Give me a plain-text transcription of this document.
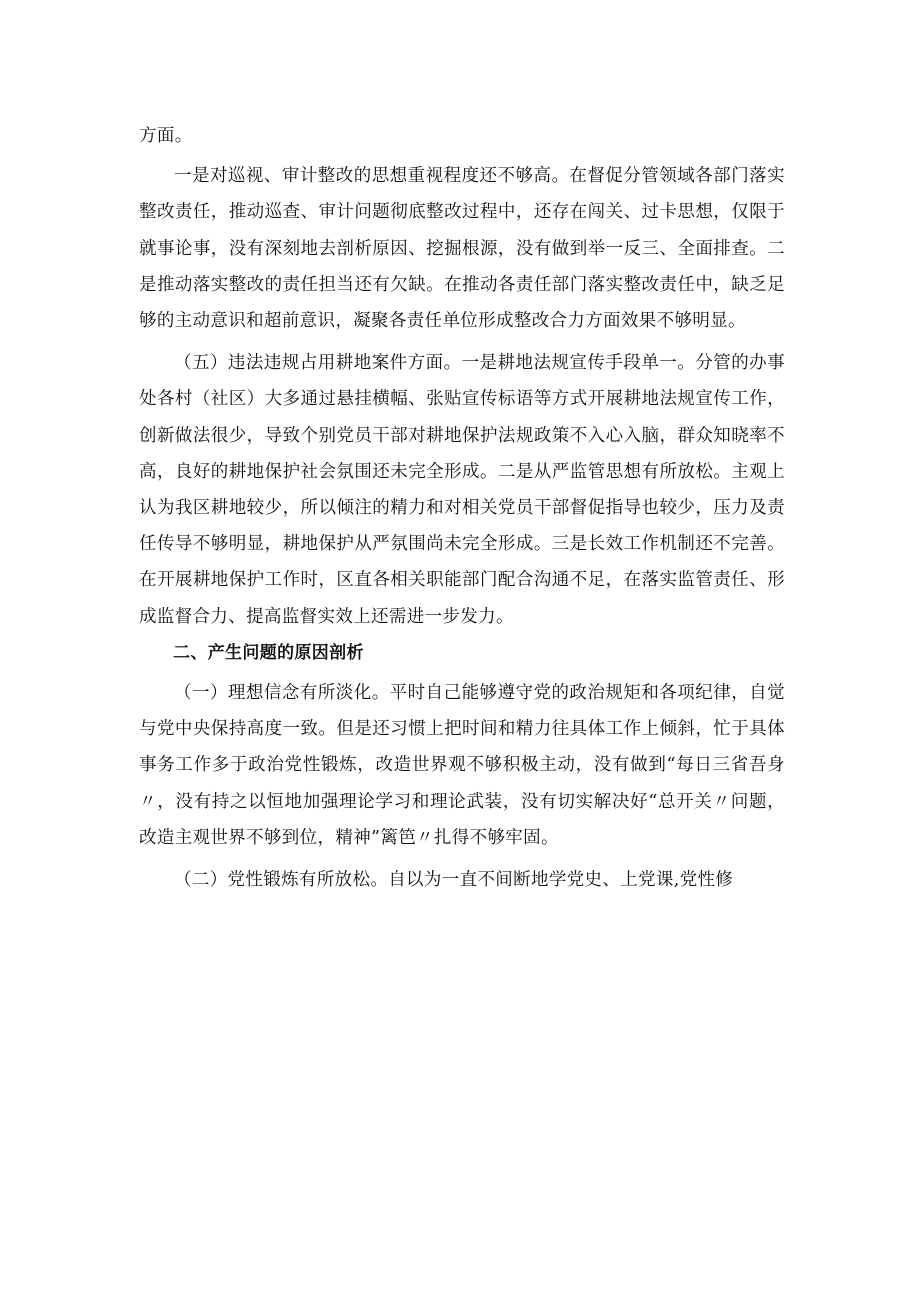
方面。

一是对巡视、审计整改的思想重视程度还不够高。在督促分管领域各部门落实整改责任，推动巡查、审计问题彻底整改过程中，还存在闯关、过卡思想，仅限于就事论事，没有深刻地去剖析原因、挖掘根源，没有做到举一反三、全面排查。二是推动落实整改的责任担当还有欠缺。在推动各责任部门落实整改责任中，缺乏足够的主动意识和超前意识，凝聚各责任单位形成整改合力方面效果不够明显。

（五）违法违规占用耕地案件方面。一是耕地法规宣传手段单一。分管的办事处各村（社区）大多通过悬挂横幅、张贴宣传标语等方式开展耕地法规宣传工作，创新做法很少，导致个别党员干部对耕地保护法规政策不入心入脑，群众知晓率不高，良好的耕地保护社会氛围还未完全形成。二是从严监管思想有所放松。主观上认为我区耕地较少，所以倾注的精力和对相关党员干部督促指导也较少，压力及责任传导不够明显，耕地保护从严氛围尚未完全形成。三是长效工作机制还不完善。在开展耕地保护工作时，区直各相关职能部门配合沟通不足，在落实监管责任、形成监督合力、提高监督实效上还需进一步发力。

二、产生问题的原因剖析

（一）理想信念有所淡化。平时自己能够遵守党的政治规矩和各项纪律，自觉与党中央保持高度一致。但是还习惯上把时间和精力往具体工作上倾斜，忙于具体事务工作多于政治党性锻炼，改造世界观不够积极主动，没有做到“每日三省吾身〃，没有持之以恒地加强理论学习和理论武装，没有切实解决好“总开关〃问题，改造主观世界不够到位，精神”篱笆〃扎得不够牢固。

（二）党性锻炼有所放松。自以为一直不间断地学党史、上党课,党性修
